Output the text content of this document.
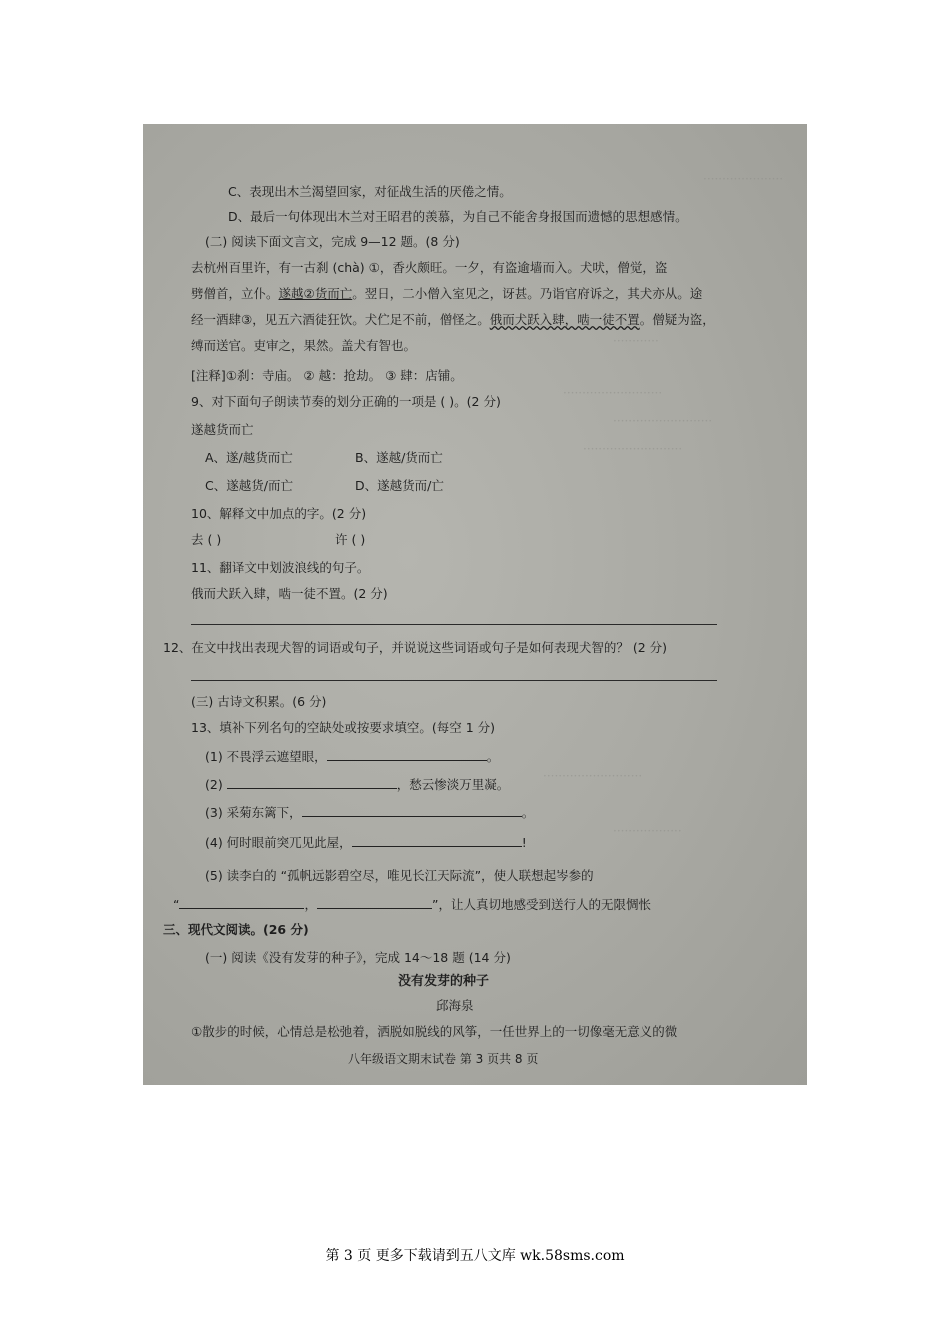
·····················
············
··························
··························
··························
··························
··················
C、表现出木兰渴望回家，对征战生活的厌倦之情。
D、最后一句体现出木兰对王昭君的羡慕，为自己不能舍身报国而遗憾的思想感情。
(二) 阅读下面文言文，完成 9—12 题。(8 分)
去杭州百里许，有一古刹 (chà) ①，香火颇旺。一夕，有盗逾墙而入。犬吠，僧觉，盗
劈僧首，立仆。遂越②货而亡。翌日，二小僧入室见之，讶甚。乃诣官府诉之，其犬亦从。途
经一酒肆③，见五六酒徒狂饮。犬伫足不前，僧怪之。俄而犬跃入肆，啮一徒不置。僧疑为盗，
缚而送官。吏审之，果然。盖犬有智也。
[注释]①刹：寺庙。 ② 越：抢劫。 ③ 肆：店铺。
9、对下面句子朗读节奏的划分正确的一项是 ( )。(2 分)
遂越货而亡
A、遂/越货而亡	B、遂越/货而亡
C、遂越货/而亡	D、遂越货而/亡
10、解释文中加点的字。(2 分)
去 ( )	许 ( )
11、翻译文中划波浪线的句子。
俄而犬跃入肆，啮一徒不置。(2 分)
12、在文中找出表现犬智的词语或句子，并说说这些词语或句子是如何表现犬智的？ (2 分)
(三) 古诗文积累。(6 分)
13、填补下列名句的空缺处或按要求填空。(每空 1 分)
(1) 不畏浮云遮望眼，	。
(2)	，愁云惨淡万里凝。
(3) 采菊东篱下，	。
(4) 何时眼前突兀见此屋，	!
(5) 读李白的 “孤帆远影碧空尽，唯见长江天际流”，使人联想起岑参的
“	，	”，让人真切地感受到送行人的无限惆怅
三、现代文阅读。(26 分)
(一) 阅读《没有发芽的种子》，完成 14～18 题 (14 分)
没有发芽的种子
邱海泉
①散步的时候，心情总是松弛着，洒脱如脱线的风筝，一任世界上的一切像毫无意义的微
八年级语文期末试卷 第 3 页共 8 页
第 3 页 更多下载请到五八文库 wk.58sms.com
